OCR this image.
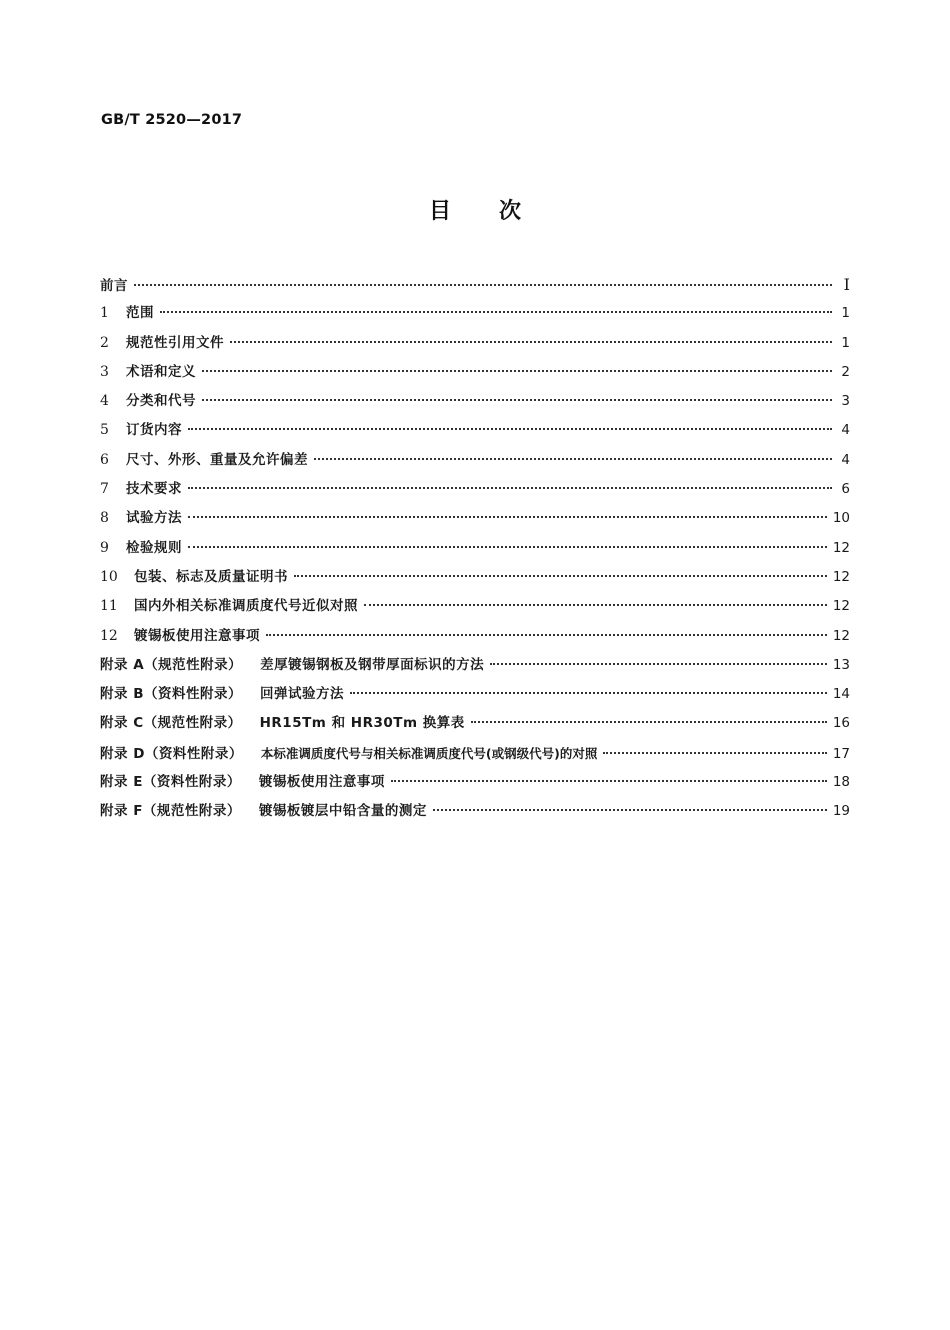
GB/T 2520—2017
目次
前言	I
1	范围	1
2	规范性引用文件	1
3	术语和定义	2
4	分类和代号	3
5	订货内容	4
6	尺寸、外形、重量及允许偏差	4
7	技术要求	6
8	试验方法	10
9	检验规则	12
10	包装、标志及质量证明书	12
11	国内外相关标准调质度代号近似对照	12
12	镀锡板使用注意事项	12
附录 A（规范性附录） 差厚镀锡钢板及钢带厚面标识的方法	13
附录 B（资料性附录） 回弹试验方法	14
附录 C（规范性附录） HR15Tm 和 HR30Tm 换算表	16
附录 D（资料性附录） 本标准调质度代号与相关标准调质度代号(或钢级代号)的对照	17
附录 E（资料性附录） 镀锡板使用注意事项	18
附录 F（规范性附录） 镀锡板镀层中铅含量的测定	19
